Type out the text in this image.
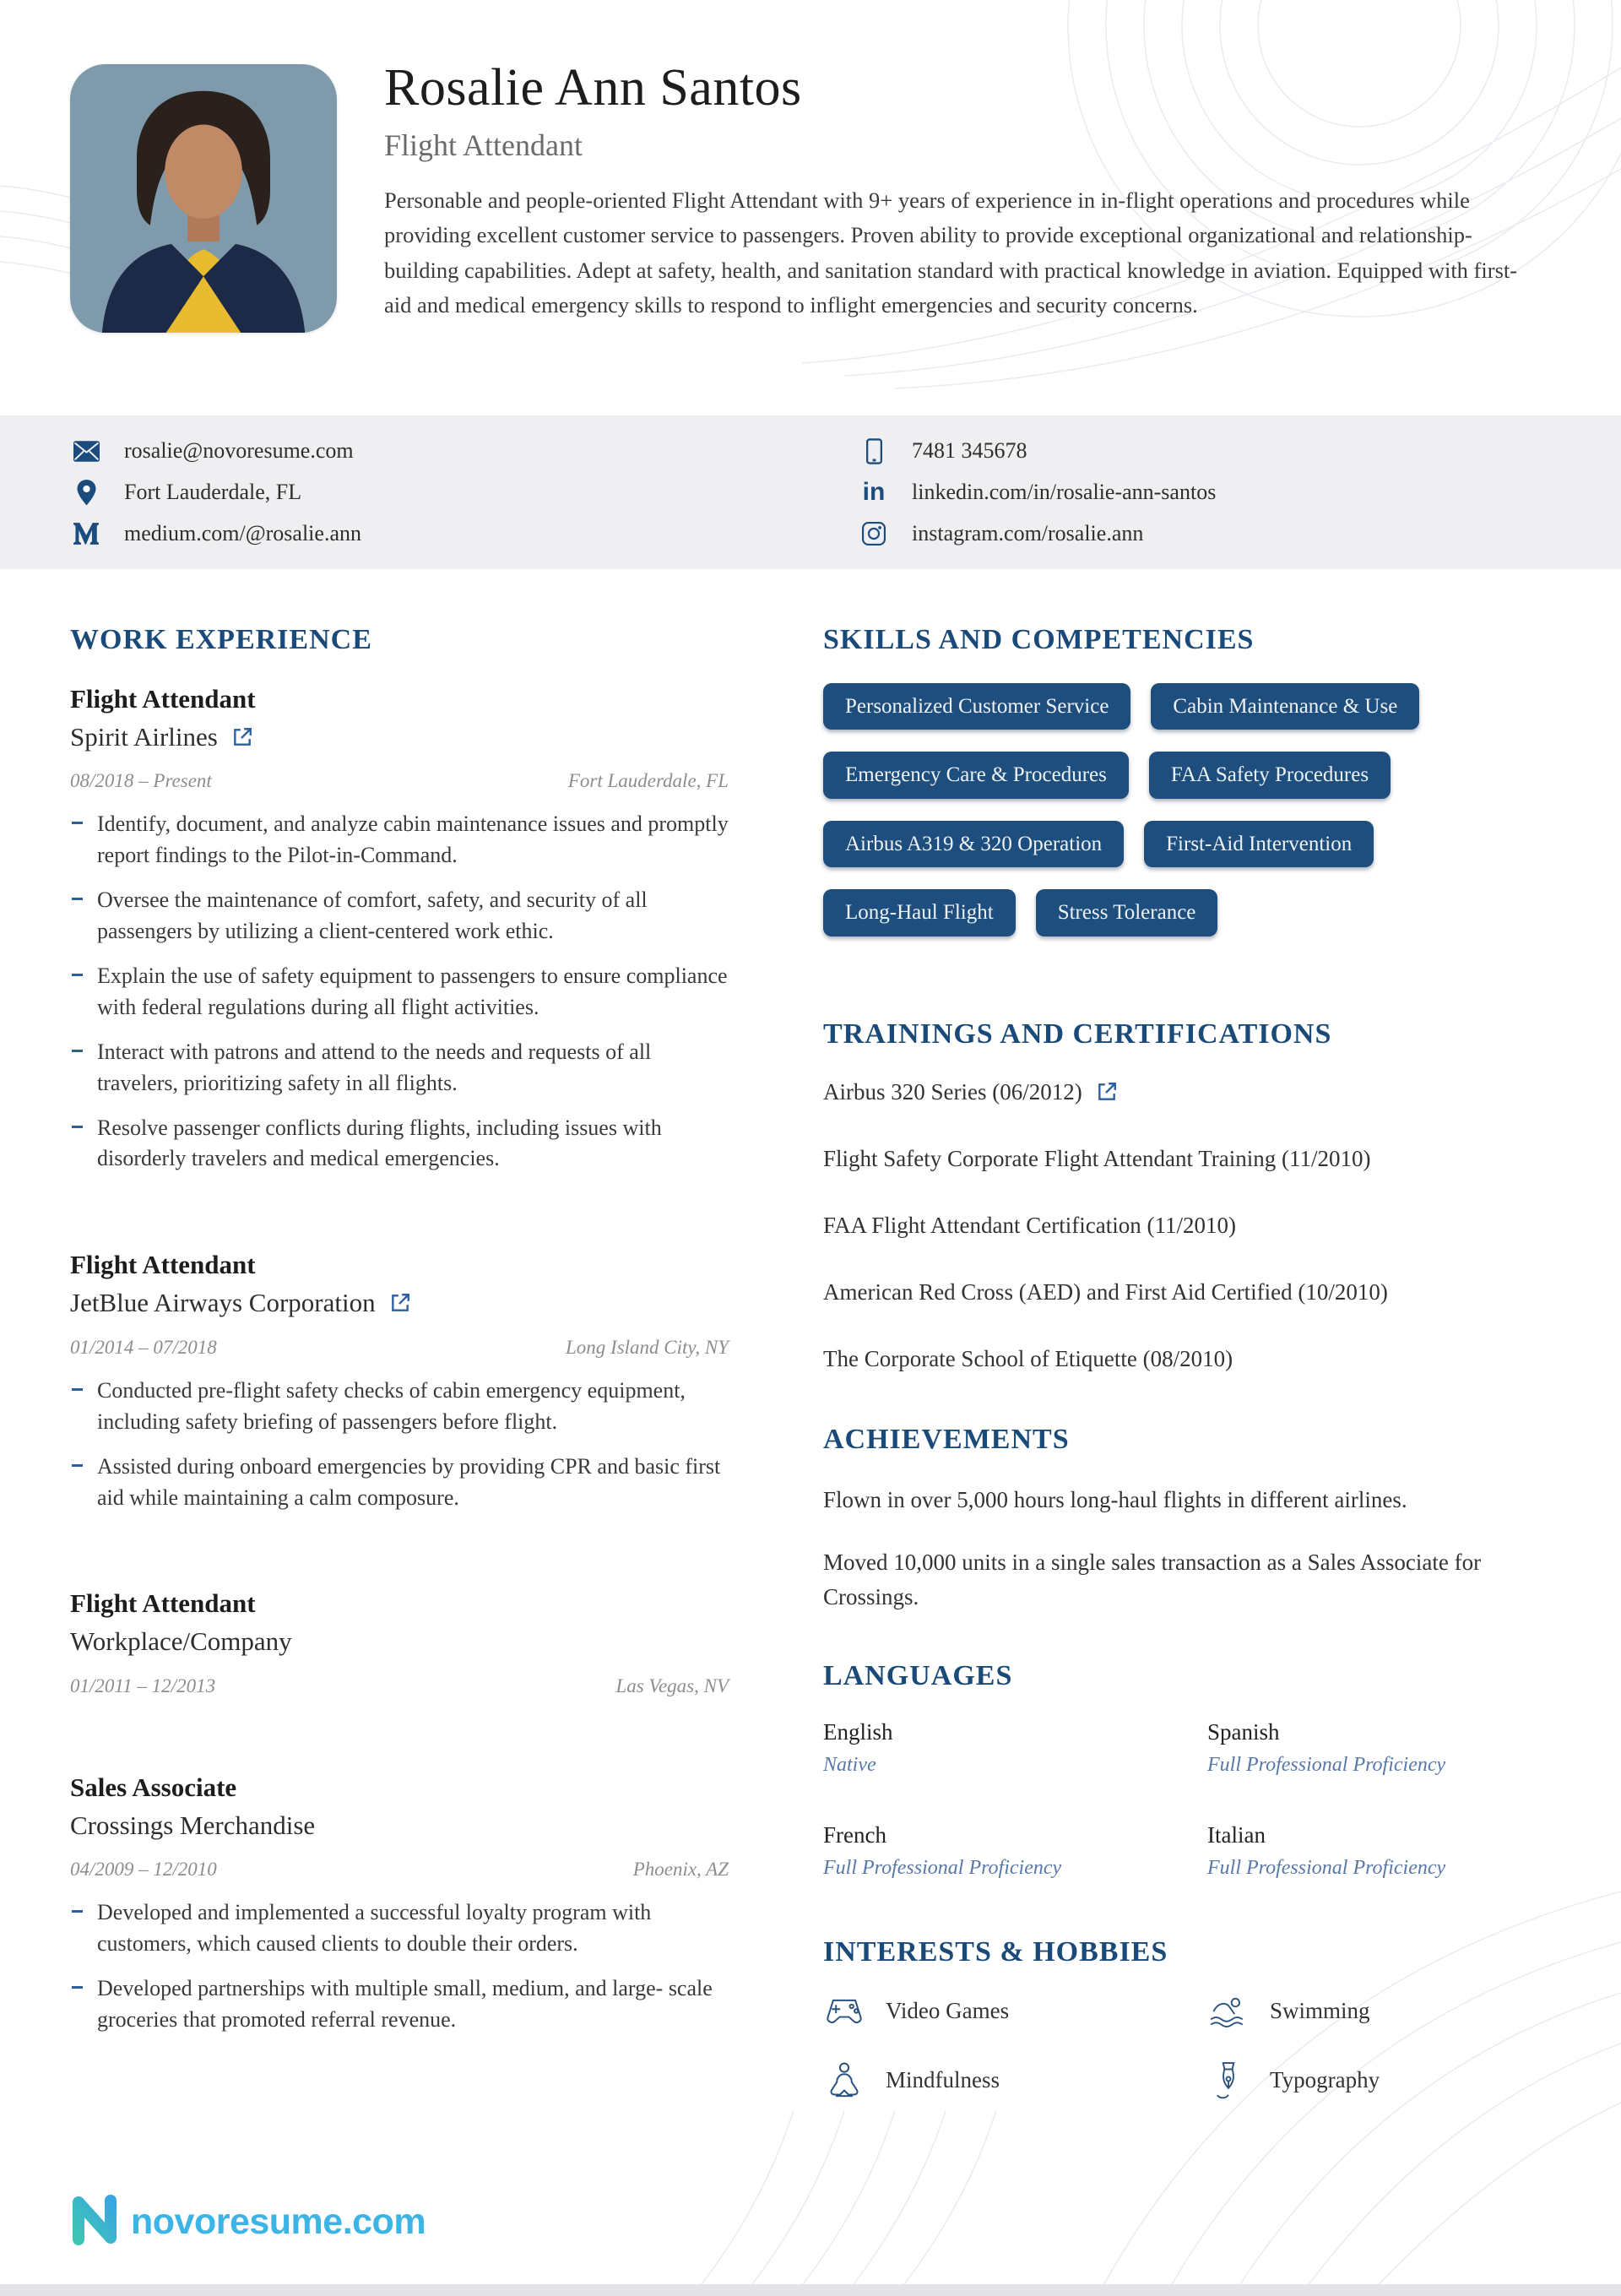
Rosalie Ann Santos
Flight Attendant

Personable and people-oriented Flight Attendant with 9+ years of experience in in-flight operations and procedures while providing excellent customer service to passengers. Proven ability to provide exceptional organizational and relationship-building capabilities. Adept at safety, health, and sanitation standard with practical knowledge in aviation. Equipped with first-aid and medical emergency skills to respond to inflight emergencies and security concerns.

rosalie@novoresume.com
Fort Lauderdale, FL
medium.com/@rosalie.ann
7481 345678
in linkedin.com/in/rosalie-ann-santos
instagram.com/rosalie.ann
WORK EXPERIENCE
Flight Attendant
Spirit Airlines
08/2018 – Present	Fort Lauderdale, FL
Identify, document, and analyze cabin maintenance issues and promptly report findings to the Pilot-in-Command.
Oversee the maintenance of comfort, safety, and security of all passengers by utilizing a client-centered work ethic.
Explain the use of safety equipment to passengers to ensure compliance with federal regulations during all flight activities.
Interact with patrons and attend to the needs and requests of all travelers, prioritizing safety in all flights.
Resolve passenger conflicts during flights, including issues with disorderly travelers and medical emergencies.
Flight Attendant
JetBlue Airways Corporation
01/2014 – 07/2018	Long Island City, NY
Conducted pre-flight safety checks of cabin emergency equipment, including safety briefing of passengers before flight.
Assisted during onboard emergencies by providing CPR and basic first aid while maintaining a calm composure.
Flight Attendant
Workplace/Company
01/2011 – 12/2013	Las Vegas, NV
Sales Associate
Crossings Merchandise
04/2009 – 12/2010	Phoenix, AZ
Developed and implemented a successful loyalty program with customers, which caused clients to double their orders.
Developed partnerships with multiple small, medium, and large- scale groceries that promoted referral revenue.
SKILLS AND COMPETENCIES
Personalized Customer Service	Cabin Maintenance & Use
Emergency Care & Procedures	FAA Safety Procedures
Airbus A319 & 320 Operation	First-Aid Intervention
Long-Haul Flight	Stress Tolerance
TRAININGS AND CERTIFICATIONS
Airbus 320 Series (06/2012)
Flight Safety Corporate Flight Attendant Training (11/2010)
FAA Flight Attendant Certification (11/2010)
American Red Cross (AED) and First Aid Certified (10/2010)
The Corporate School of Etiquette (08/2010)
ACHIEVEMENTS

Flown in over 5,000 hours long-haul flights in different airlines.

Moved 10,000 units in a single sales transaction as a Sales Associate for Crossings.

LANGUAGES
English
Native
Spanish
Full Professional Proficiency
French
Full Professional Proficiency
Italian
Full Professional Proficiency
INTERESTS & HOBBIES
Video Games	Swimming
Mindfulness	Typography
novoresume.com
